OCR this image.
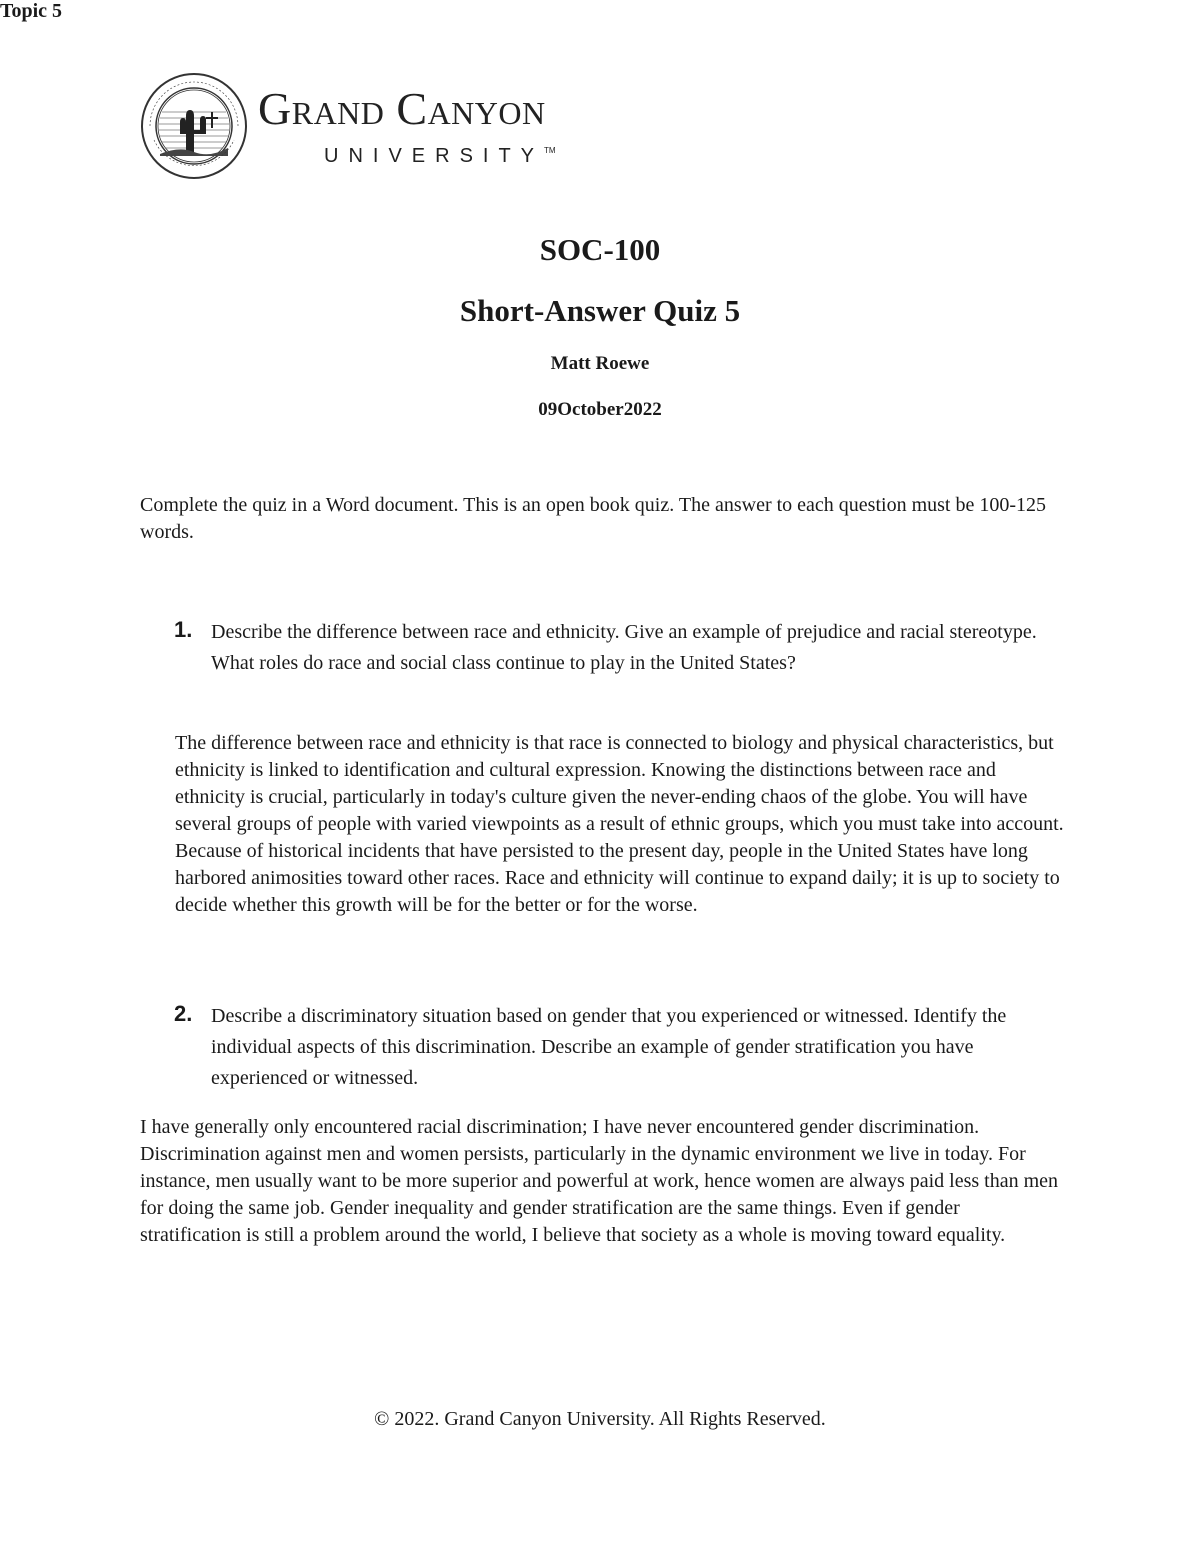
Grand Canyon
UNIVERSITY TM
SOC-100
Short-Answer Quiz 5
Matt Roewe
09October2022

Complete the quiz in a Word document. This is an open book quiz. The answer to each question must be 100-125 words.

Topic 5
1. Describe the difference between race and ethnicity. Give an example of prejudice and racial stereotype. What roles do race and social class continue to play in the United States?

The difference between race and ethnicity is that race is connected to biology and physical characteristics, but ethnicity is linked to identification and cultural expression. Knowing the distinctions between race and ethnicity is crucial, particularly in today's culture given the never-ending chaos of the globe. You will have several groups of people with varied viewpoints as a result of ethnic groups, which you must take into account. Because of historical incidents that have persisted to the present day, people in the United States have long harbored animosities toward other races. Race and ethnicity will continue to expand daily; it is up to society to decide whether this growth will be for the better or for the worse.

2. Describe a discriminatory situation based on gender that you experienced or witnessed. Identify the individual aspects of this discrimination. Describe an example of gender stratification you have experienced or witnessed.

I have generally only encountered racial discrimination; I have never encountered gender discrimination. Discrimination against men and women persists, particularly in the dynamic environment we live in today. For instance, men usually want to be more superior and powerful at work, hence women are always paid less than men for doing the same job. Gender inequality and gender stratification are the same things. Even if gender stratification is still a problem around the world, I believe that society as a whole is moving toward equality.

© 2022. Grand Canyon University. All Rights Reserved.
